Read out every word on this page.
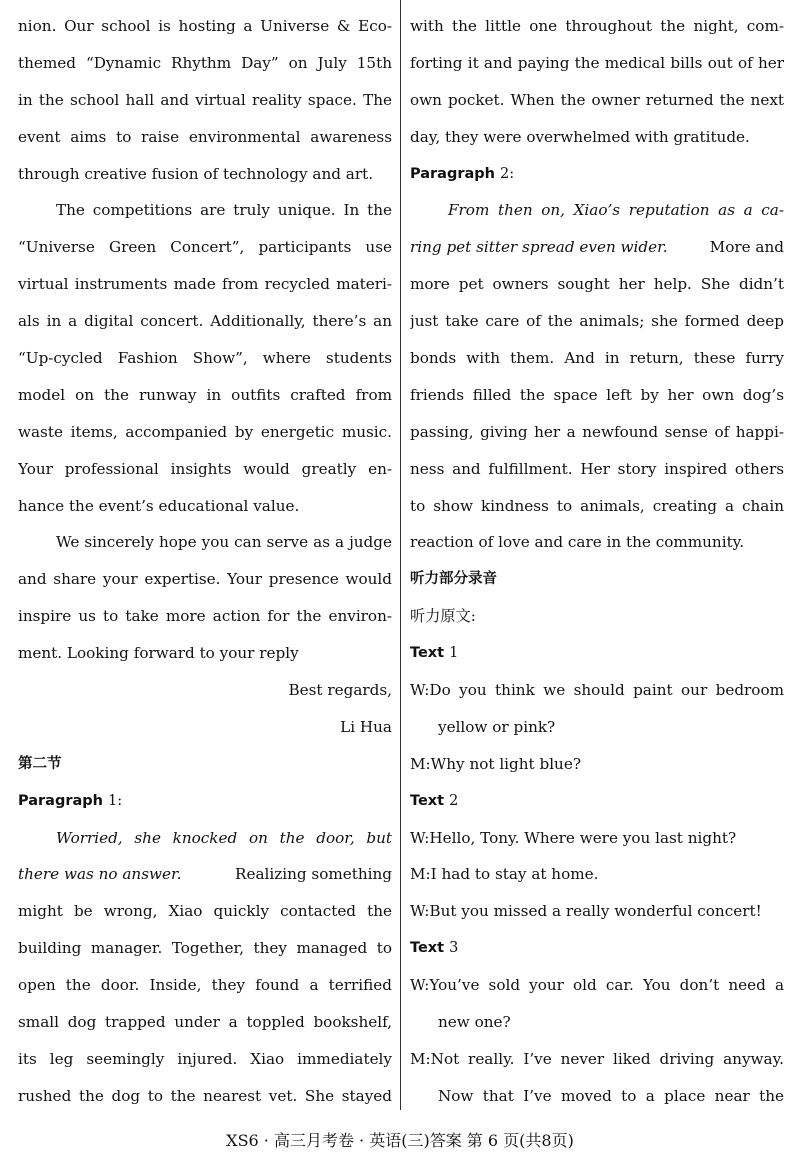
nion. Our school is hosting a Universe & Eco-
themed “Dynamic Rhythm Day” on July 15th
in the school hall and virtual reality space. The
event aims to raise environmental awareness
through creative fusion of technology and art.
The competitions are truly unique. In the
“Universe Green Concert”, participants use
virtual instruments made from recycled materi-
als in a digital concert. Additionally, there’s an
“Up-cycled Fashion Show”, where students
model on the runway in outfits crafted from
waste items, accompanied by energetic music.
Your professional insights would greatly en-
hance the event’s educational value.
We sincerely hope you can serve as a judge
and share your expertise. Your presence would
inspire us to take more action for the environ-
ment. Looking forward to your reply
Best regards,
Li Hua
第二节
Paragraph 1:
Worried, she knocked on the door, but
there was no answer.	Realizing something
might be wrong, Xiao quickly contacted the
building manager. Together, they managed to
open the door. Inside, they found a terrified
small dog trapped under a toppled bookshelf,
its leg seemingly injured. Xiao immediately
rushed the dog to the nearest vet. She stayed
with the little one throughout the night, com-
forting it and paying the medical bills out of her
own pocket. When the owner returned the next
day, they were overwhelmed with gratitude.
Paragraph 2:
From then on, Xiao’s reputation as a ca-
ring pet sitter spread even wider.	More and
more pet owners sought her help. She didn’t
just take care of the animals; she formed deep
bonds with them. And in return, these furry
friends filled the space left by her own dog’s
passing, giving her a newfound sense of happi-
ness and fulfillment. Her story inspired others
to show kindness to animals, creating a chain
reaction of love and care in the community.
听力部分录音
听力原文:
Text 1
W:Do you think we should paint our bedroom
yellow or pink?
M:Why not light blue?
Text 2
W:Hello, Tony. Where were you last night?
M:I had to stay at home.
W:But you missed a really wonderful concert!
Text 3
W:You’ve sold your old car. You don’t need a
new one?
M:Not really. I’ve never liked driving anyway.
Now that I’ve moved to a place near the
XS6 · 高三月考卷 · 英语(三)答案 第 6 页(共8页)
